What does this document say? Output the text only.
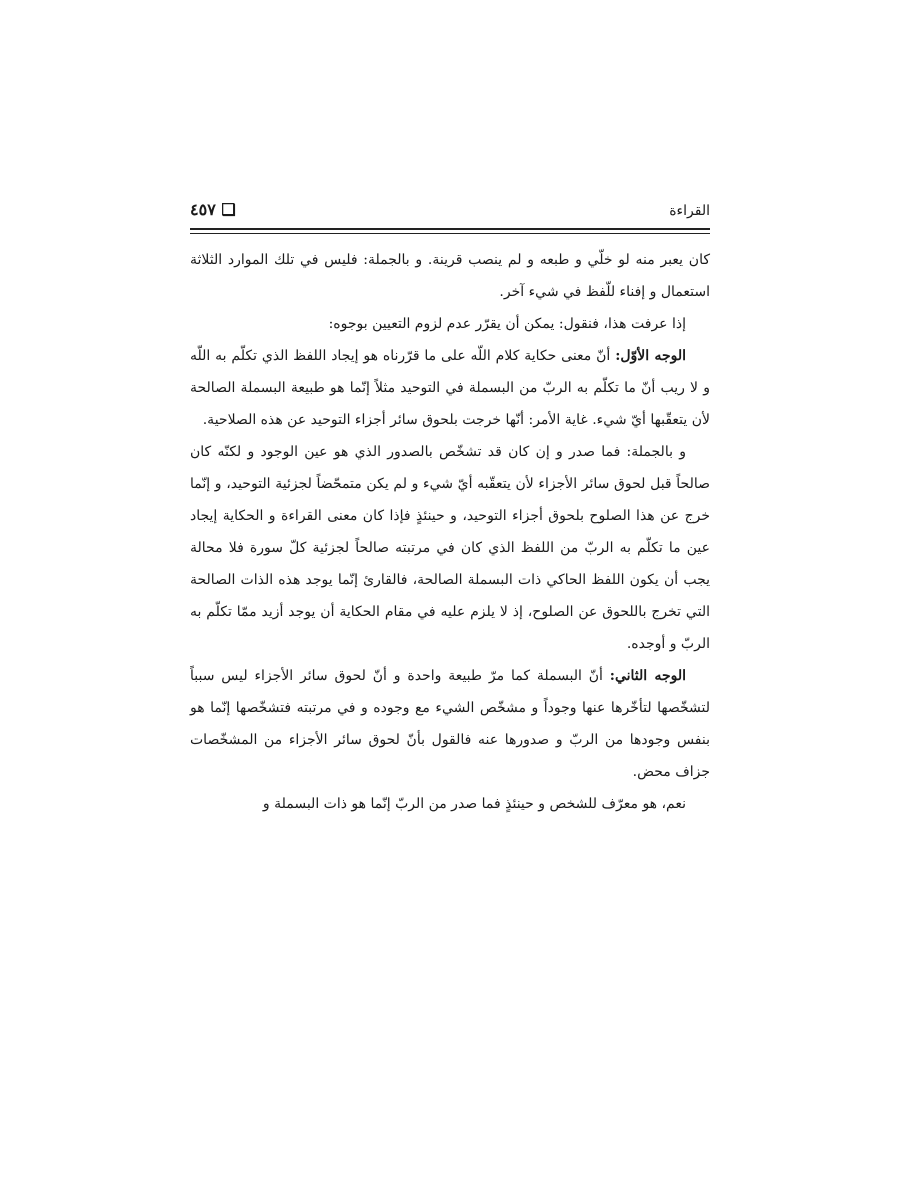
القراءة
٤٥٧ ❑

كان يعبر منه لو خلّي و طبعه و لم ينصب قرينة. و بالجملة: فليس في تلك الموارد الثلاثة استعمال و إفناء للّفظ في شيء آخر.

إذا عرفت هذا، فنقول: يمكن أن يقرّر عدم لزوم التعيين بوجوه:

الوجه الأوّل: أنّ معنى حكاية كلام اللّه على ما قرّرناه هو إيجاد اللفظ الذي تكلّم به اللّه و لا ريب أنّ ما تكلّم به الربّ من البسملة في التوحيد مثلاً إنّما هو طبيعة البسملة الصالحة لأن يتعقّبها أيّ شيء. غاية الأمر: أنّها خرجت بلحوق سائر أجزاء التوحيد عن هذه الصلاحية.

و بالجملة: فما صدر و إن كان قد تشخّص بالصدور الذي هو عين الوجود و لكنّه كان صالحاً قبل لحوق سائر الأجزاء لأن يتعقّبه أيّ شيء و لم يكن متمحّضاً لجزئية التوحيد، و إنّما خرج عن هذا الصلوح بلحوق أجزاء التوحيد، و حينئذٍ فإذا كان معنى القراءة و الحكاية إيجاد عين ما تكلّم به الربّ من اللفظ الذي كان في مرتبته صالحاً لجزئية كلّ سورة فلا محالة يجب أن يكون اللفظ الحاكي ذات البسملة الصالحة، فالقارئ إنّما يوجد هذه الذات الصالحة التي تخرج باللحوق عن الصلوح، إذ لا يلزم عليه في مقام الحكاية أن يوجد أزيد ممّا تكلّم به الربّ و أوجده.

الوجه الثاني: أنّ البسملة كما مرّ طبيعة واحدة و أنّ لحوق سائر الأجزاء ليس سبباً لتشخّصها لتأخّرها عنها وجوداً و مشخّص الشيء مع وجوده و في مرتبته فتشخّصها إنّما هو بنفس وجودها من الربّ و صدورها عنه فالقول بأنّ لحوق سائر الأجزاء من المشخّصات جزاف محض.

نعم، هو معرّف للشخص و حينئذٍ فما صدر من الربّ إنّما هو ذات البسملة و
